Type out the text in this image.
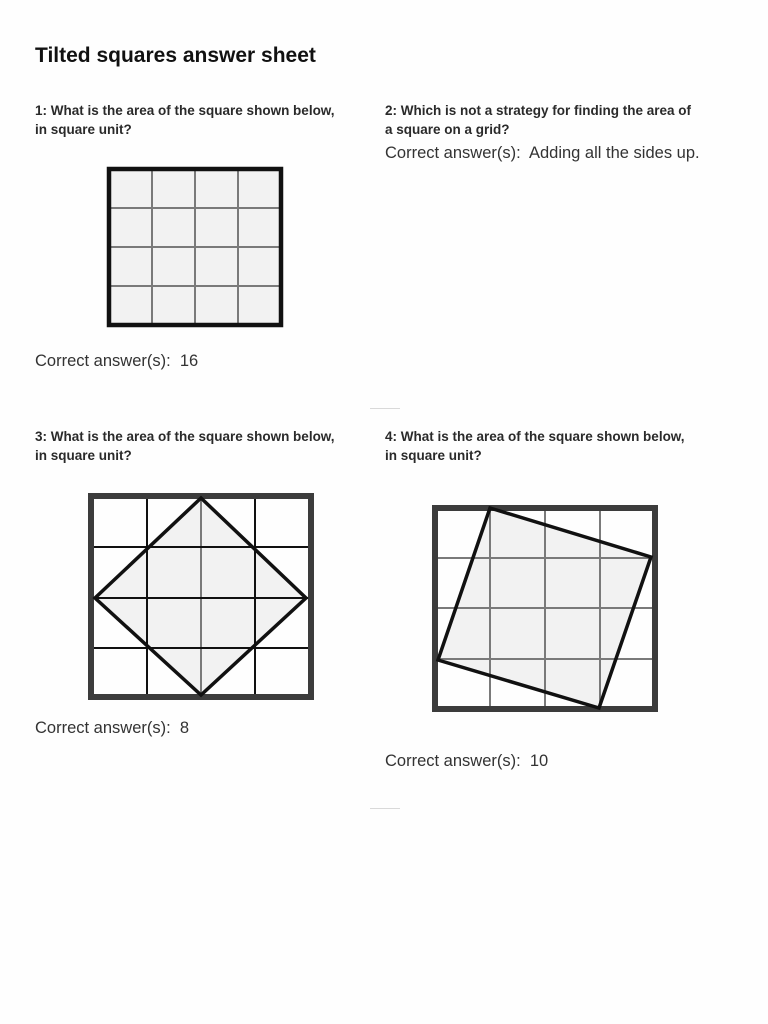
Tilted squares answer sheet
1: What is the area of the square shown below, in square unit?
Correct answer(s): 16
2: Which is not a strategy for finding the area of a square on a grid?
Correct answer(s): Adding all the sides up.
3: What is the area of the square shown below, in square unit?
Correct answer(s): 8
4: What is the area of the square shown below, in square unit?
Correct answer(s): 10
